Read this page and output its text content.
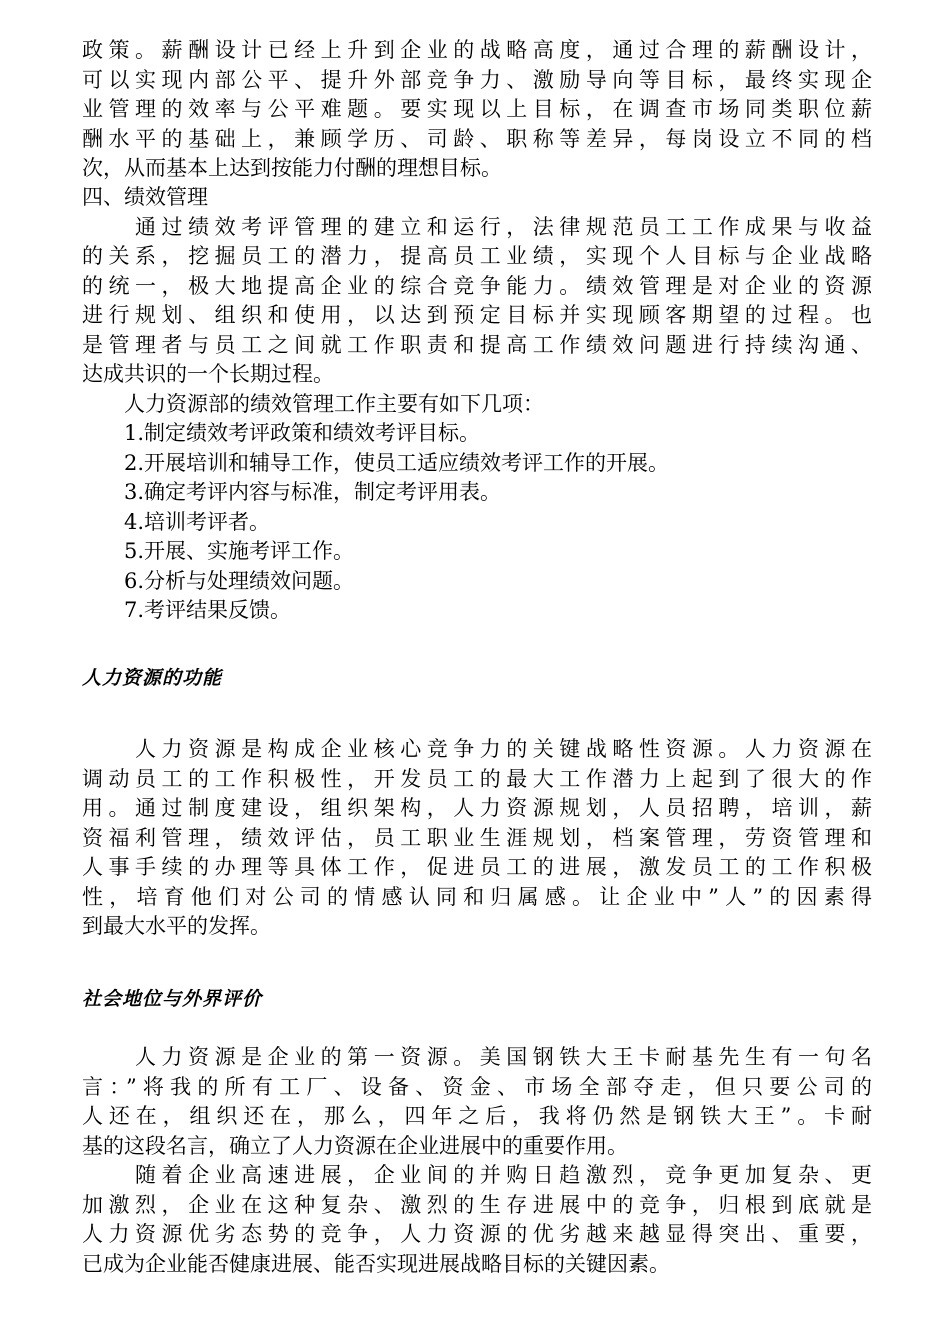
政策。薪酬设计已经上升到企业的战略高度，通过合理的薪酬设计，
可以实现内部公平、提升外部竞争力、激励导向等目标，最终实现企
业管理的效率与公平难题。要实现以上目标，在调查市场同类职位薪
酬水平的基础上，兼顾学历、司龄、职称等差异，每岗设立不同的档
次，从而基本上达到按能力付酬的理想目标。
四、绩效管理
　　通过绩效考评管理的建立和运行，法律规范员工工作成果与收益
的关系，挖掘员工的潜力，提高员工业绩，实现个人目标与企业战略
的统一，极大地提高企业的综合竞争能力。绩效管理是对企业的资源
进行规划、组织和使用，以达到预定目标并实现顾客期望的过程。也
是管理者与员工之间就工作职责和提高工作绩效问题进行持续沟通、
达成共识的一个长期过程。
　　人力资源部的绩效管理工作主要有如下几项：
　　1.制定绩效考评政策和绩效考评目标。
　　2.开展培训和辅导工作，使员工适应绩效考评工作的开展。
　　3.确定考评内容与标准，制定考评用表。
　　4.培训考评者。
　　5.开展、实施考评工作。
　　6.分析与处理绩效问题。
　　7.考评结果反馈。
人力资源的功能
　　人力资源是构成企业核心竞争力的关键战略性资源。人力资源在
调动员工的工作积极性，开发员工的最大工作潜力上起到了很大的作
用。通过制度建设，组织架构，人力资源规划，人员招聘，培训，薪
资福利管理，绩效评估，员工职业生涯规划，档案管理，劳资管理和
人事手续的办理等具体工作，促进员工的进展，激发员工的工作积极
性，培育他们对公司的情感认同和归属感。让企业中”人”的因素得
到最大水平的发挥。
社会地位与外界评价
　　人力资源是企业的第一资源。美国钢铁大王卡耐基先生有一句名
言：”将我的所有工厂、设备、资金、市场全部夺走，但只要公司的
人还在，组织还在，那么，四年之后，我将仍然是钢铁大王”。卡耐
基的这段名言，确立了人力资源在企业进展中的重要作用。
　　随着企业高速进展，企业间的并购日趋激烈，竞争更加复杂、更
加激烈，企业在这种复杂、激烈的生存进展中的竞争，归根到底就是
人力资源优劣态势的竞争，人力资源的优劣越来越显得突出、重要，
已成为企业能否健康进展、能否实现进展战略目标的关键因素。
